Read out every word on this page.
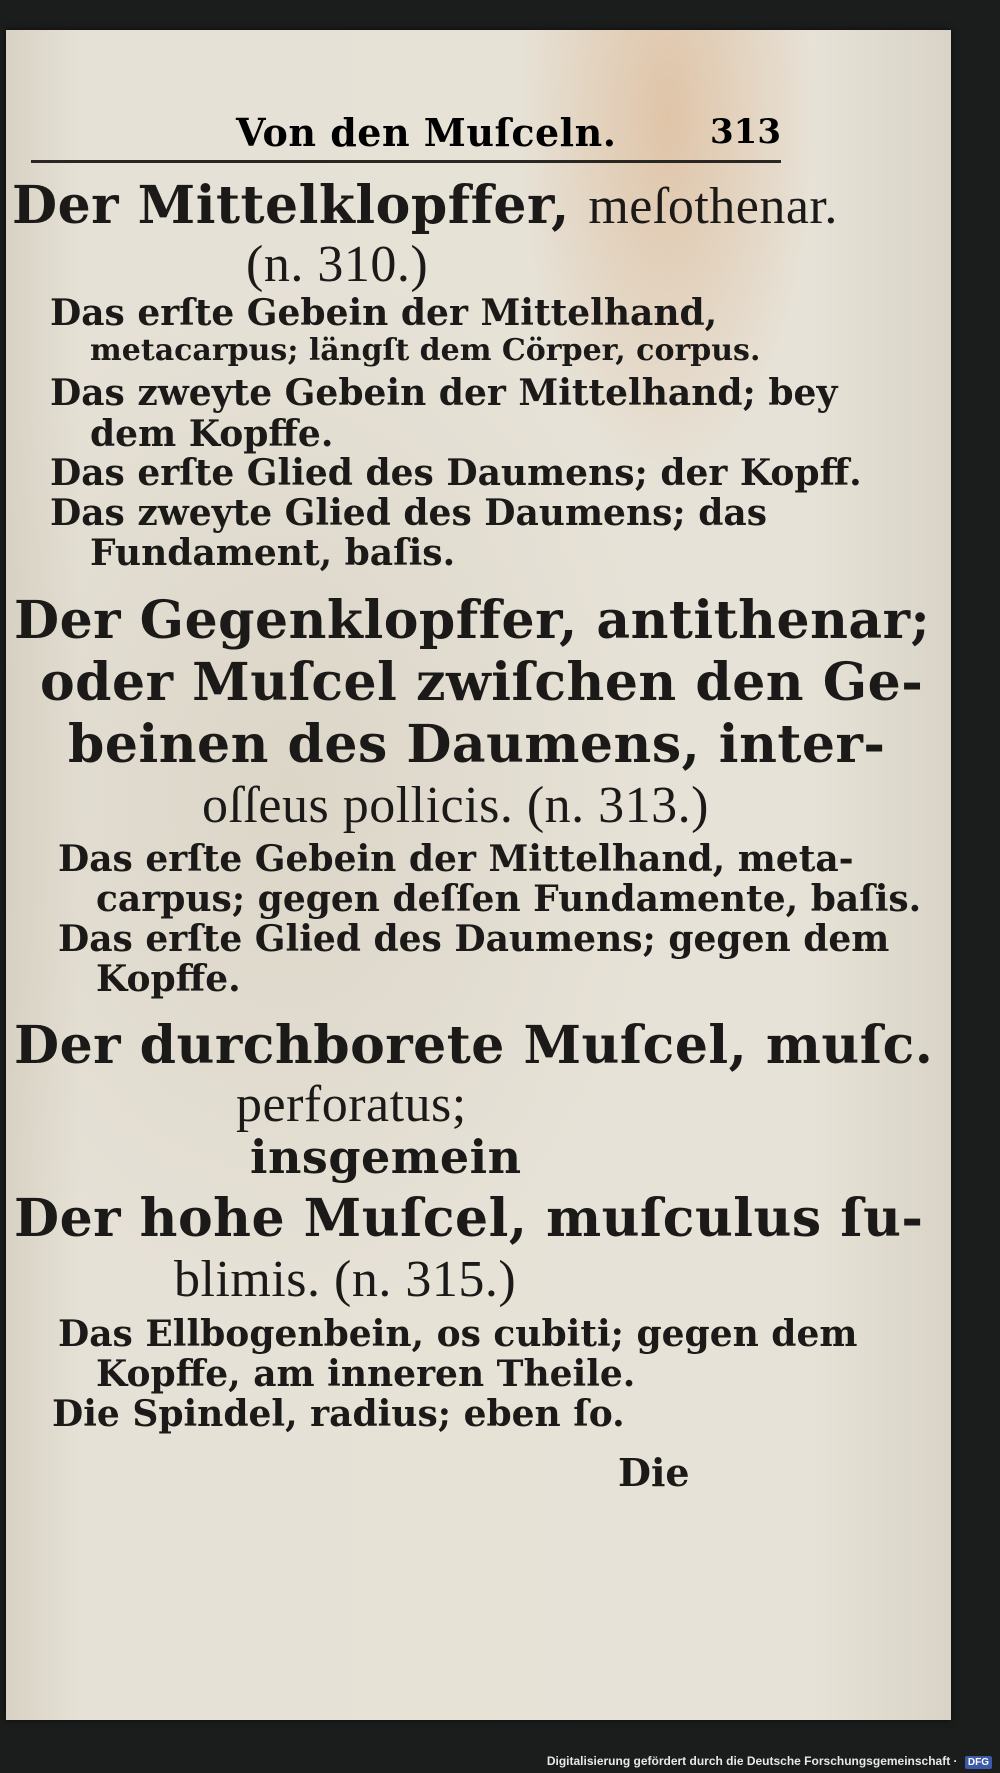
Von den Muſceln.	313
Der Mittelklopffer, meſothenar.
(n. 310.)
Das erſte Gebein der Mittelhand,
metacarpus; längſt dem Cörper, corpus.
Das zweyte Gebein der Mittelhand; bey
dem Kopffe.
Das erſte Glied des Daumens; der Kopff.
Das zweyte Glied des Daumens; das
Fundament, baſis.
Der Gegenklopffer, antithenar;
oder Muſcel zwiſchen den Ge-
beinen des Daumens, inter-
oſſeus pollicis. (n. 313.)
Das erſte Gebein der Mittelhand, meta-
carpus; gegen deſſen Fundamente, baſis.
Das erſte Glied des Daumens; gegen dem
Kopffe.
Der durchborete Muſcel, muſc.
perforatus;
insgemein
Der hohe Muſcel, muſculus ſu-
blimis. (n. 315.)
Das Ellbogenbein, os cubiti; gegen dem
Kopffe, am inneren Theile.
Die Spindel, radius; eben ſo.
Die
Digitalisierung gefördert durch die Deutsche Forschungsgemeinschaft · DFG
